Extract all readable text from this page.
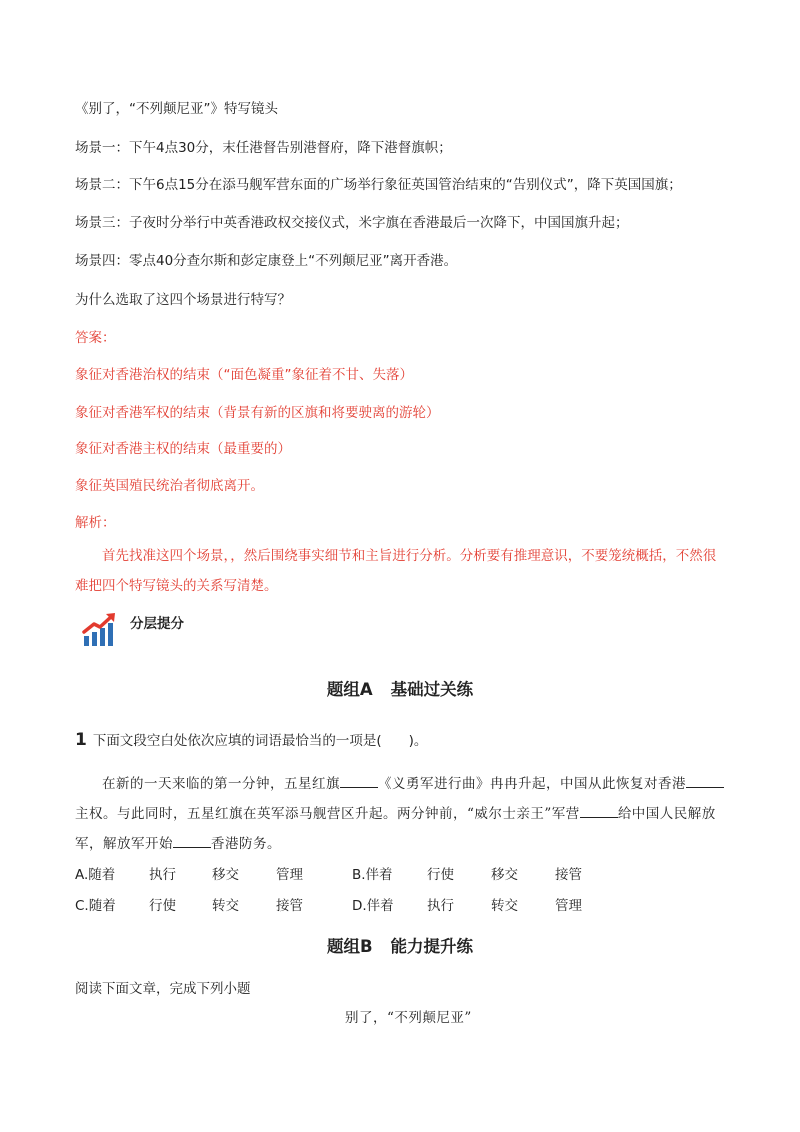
《别了，“不列颠尼亚”》特写镜头
场景一：下午4点30分，末任港督告别港督府，降下港督旗帜；
场景二：下午6点15分在添马舰军营东面的广场举行象征英国管治结束的“告别仪式”，降下英国国旗；
场景三：子夜时分举行中英香港政权交接仪式，米字旗在香港最后一次降下，中国国旗升起；
场景四：零点40分查尔斯和彭定康登上“不列颠尼亚”离开香港。
为什么选取了这四个场景进行特写？
答案：
象征对香港治权的结束（“面色凝重”象征着不甘、失落）
象征对香港军权的结束（背景有新的区旗和将要驶离的游轮）
象征对香港主权的结束（最重要的）
象征英国殖民统治者彻底离开。
解析：
首先找准这四个场景，，然后围绕事实细节和主旨进行分析。分析要有推理意识，不要笼统概括，不然很难把四个特写镜头的关系写清楚。
分层提分
题组A 基础过关练
1 下面文段空白处依次应填的词语最恰当的一项是(　　)。
在新的一天来临的第一分钟，五星红旗	《义勇军进行曲》冉冉升起，中国从此恢复对香港主权。与此同时，五星红旗在英军添马舰营区升起。两分钟前，“威尔士亲王”军营	给中国人民解放军，解放军开始	香港防务。
A.随着 执行	移交	管理	B.伴着	行使	移交	接管
C.随着 行使	转交	接管	D.伴着 执行	转交	管理
题组B 能力提升练
阅读下面文章，完成下列小题
别了，“不列颠尼亚”
